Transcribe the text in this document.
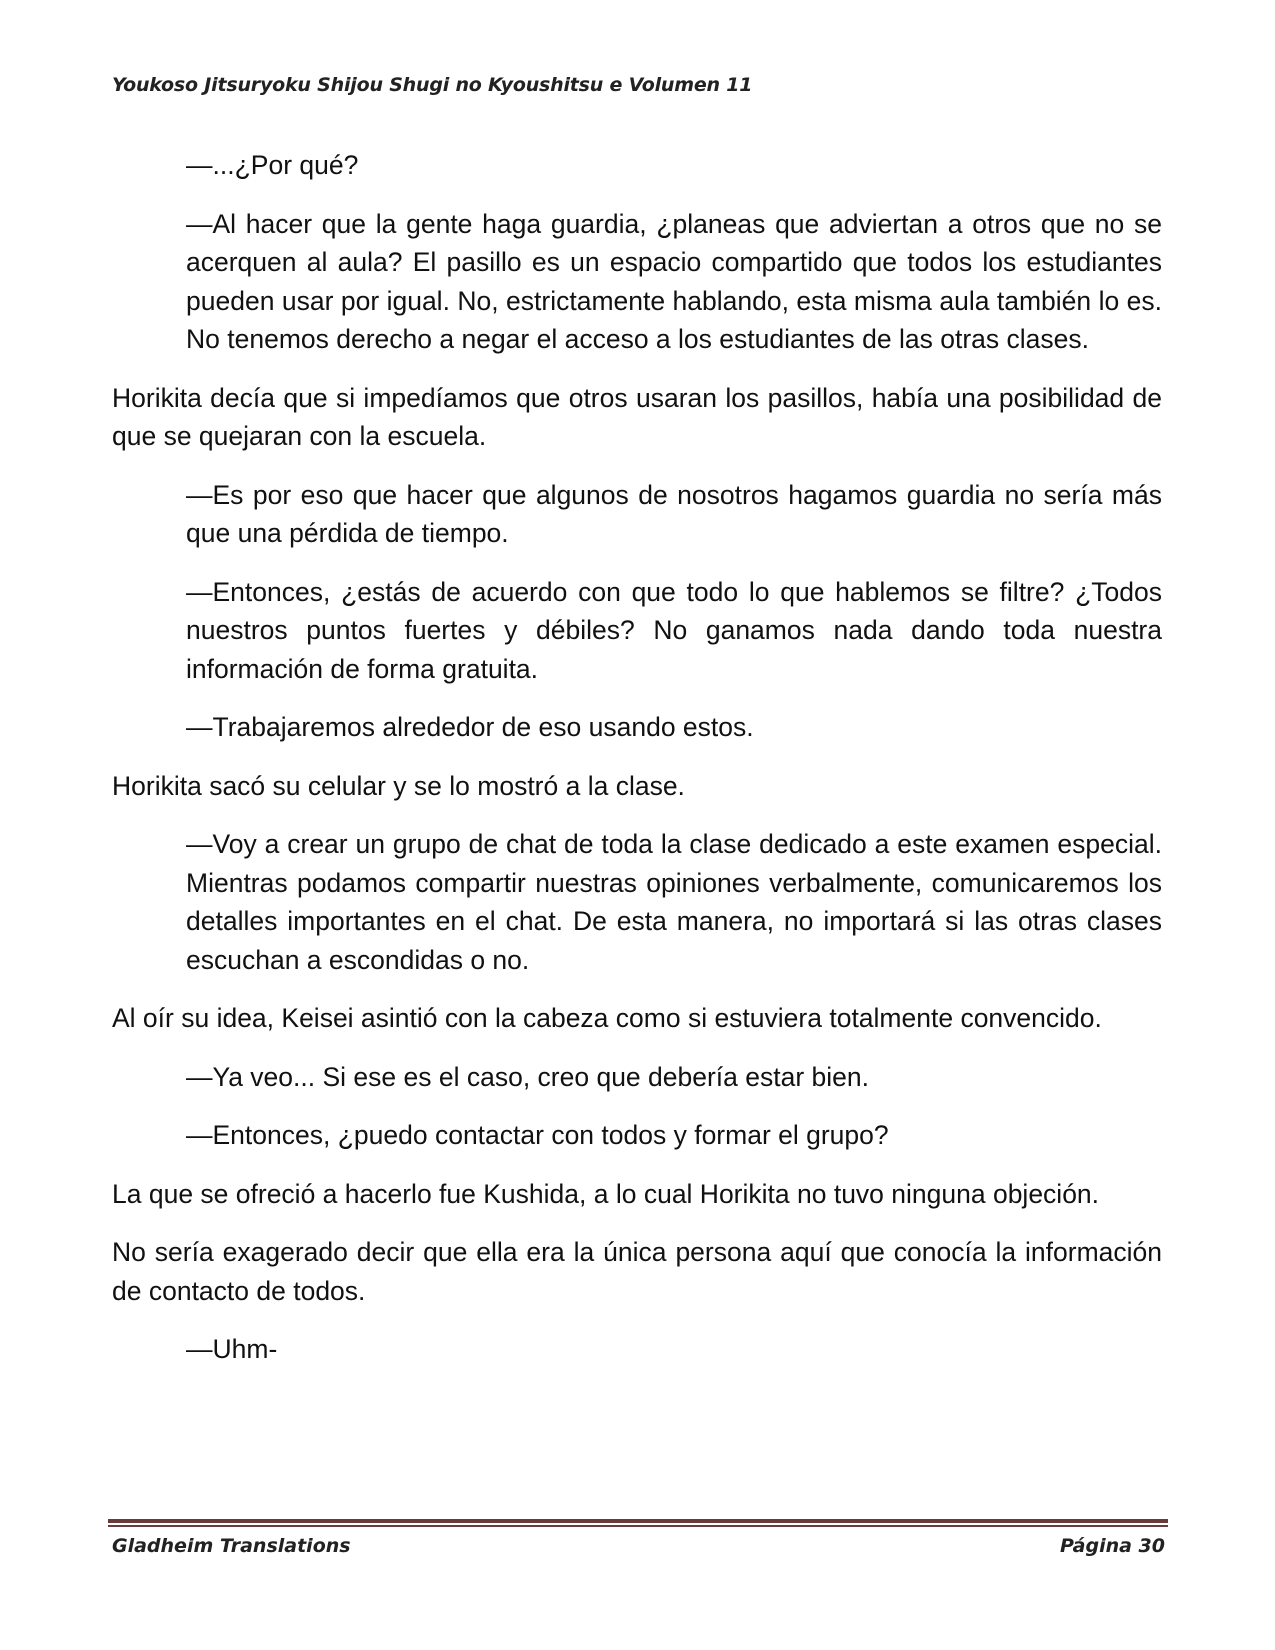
Youkoso Jitsuryoku Shijou Shugi no Kyoushitsu e Volumen 11

—...¿Por qué?

—Al hacer que la gente haga guardia, ¿planeas que adviertan a otros que no se acerquen al aula? El pasillo es un espacio compartido que todos los estudiantes pueden usar por igual. No, estrictamente hablando, esta misma aula también lo es. No tenemos derecho a negar el acceso a los estudiantes de las otras clases.

Horikita decía que si impedíamos que otros usaran los pasillos, había una posibilidad de que se quejaran con la escuela.

—Es por eso que hacer que algunos de nosotros hagamos guardia no sería más que una pérdida de tiempo.

—Entonces, ¿estás de acuerdo con que todo lo que hablemos se filtre? ¿Todos nuestros puntos fuertes y débiles? No ganamos nada dando toda nuestra información de forma gratuita.

—Trabajaremos alrededor de eso usando estos.

Horikita sacó su celular y se lo mostró a la clase.

—Voy a crear un grupo de chat de toda la clase dedicado a este examen especial. Mientras podamos compartir nuestras opiniones verbalmente, comunicaremos los detalles importantes en el chat. De esta manera, no importará si las otras clases escuchan a escondidas o no.

Al oír su idea, Keisei asintió con la cabeza como si estuviera totalmente convencido.

—Ya veo... Si ese es el caso, creo que debería estar bien.

—Entonces, ¿puedo contactar con todos y formar el grupo?

La que se ofreció a hacerlo fue Kushida, a lo cual Horikita no tuvo ninguna objeción.

No sería exagerado decir que ella era la única persona aquí que conocía la información de contacto de todos.

—Uhm-

Gladheim Translations	Página 30
